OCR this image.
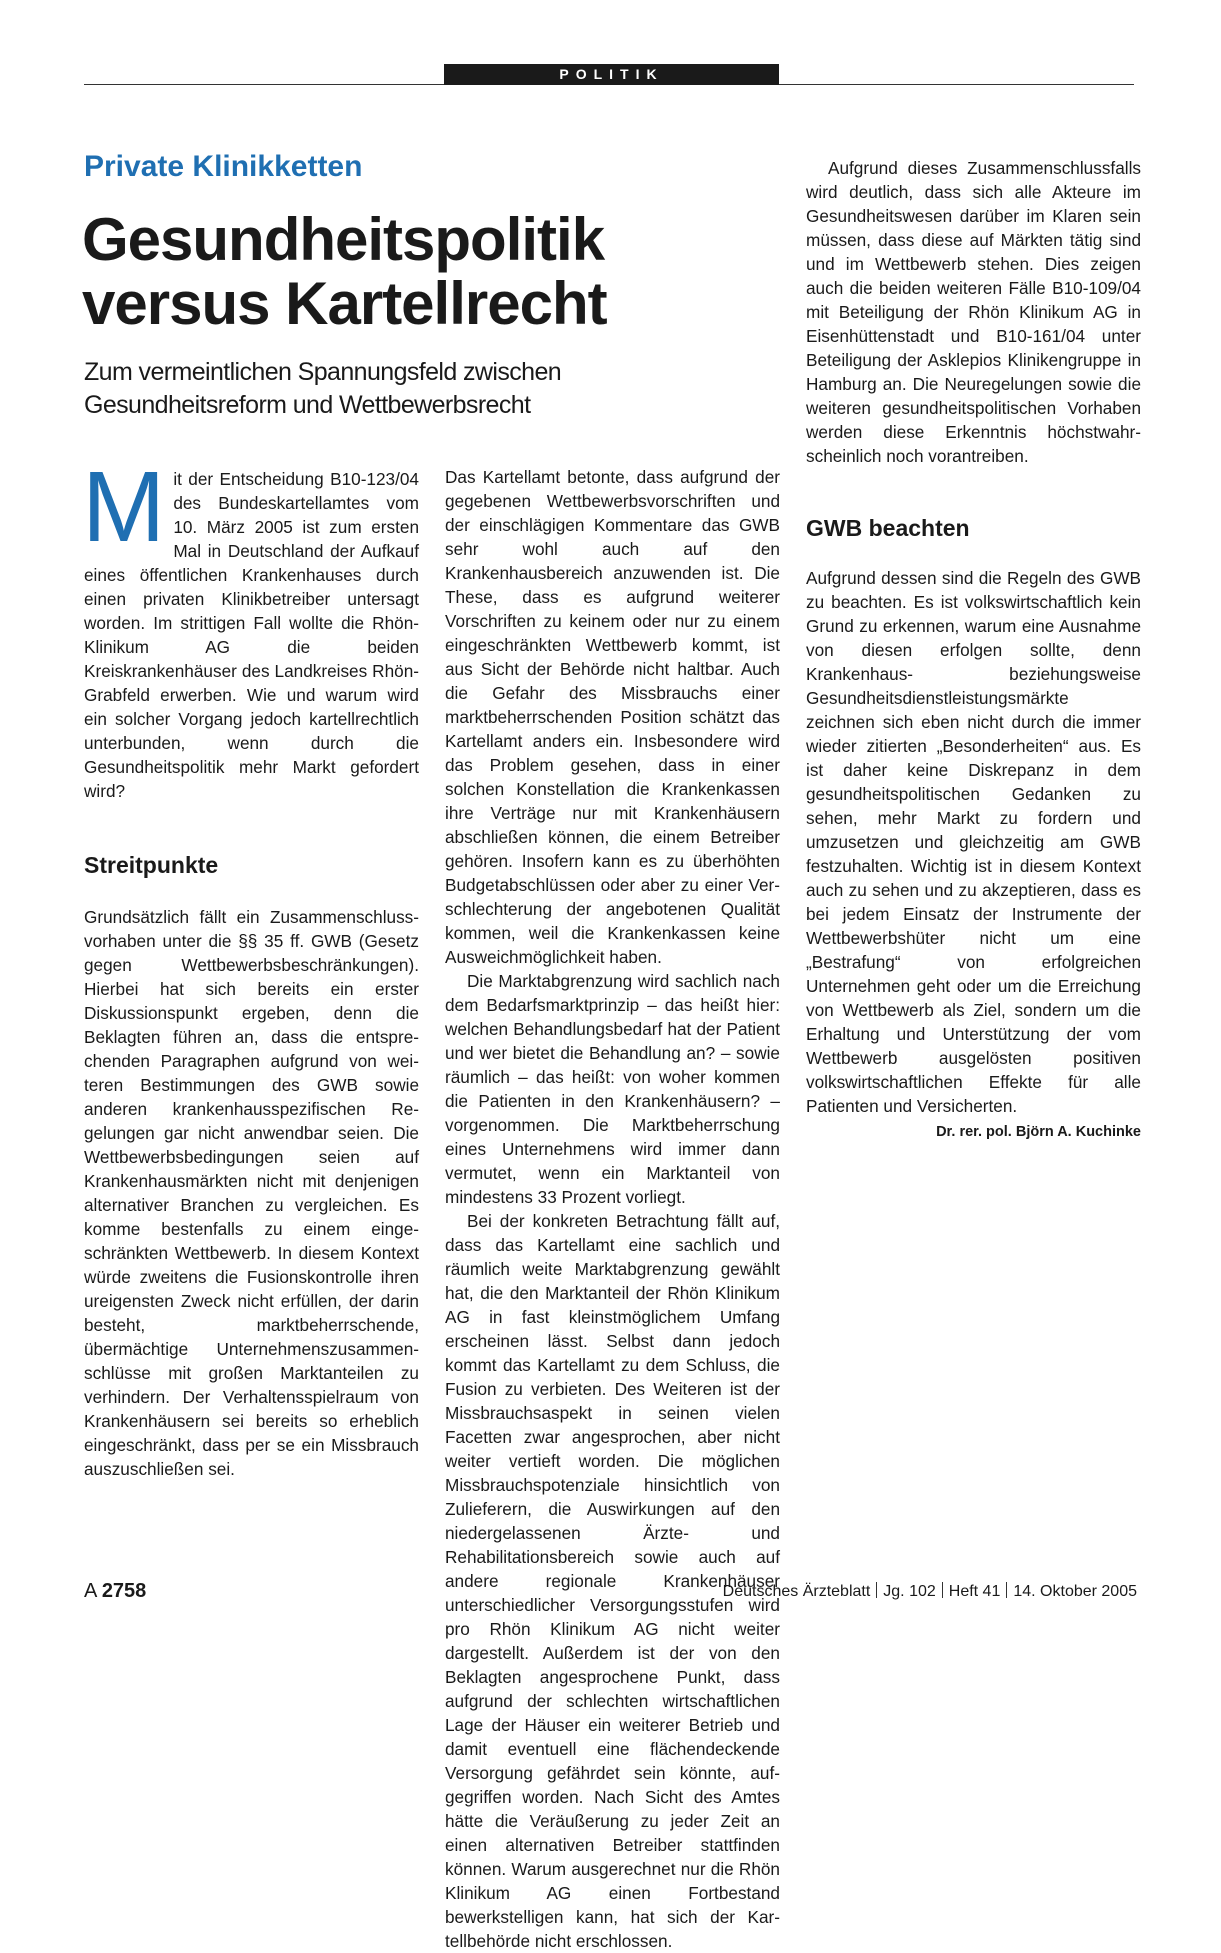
POLITIK
Private Klinikketten
Gesundheitspolitik
versus Kartellrecht
Zum vermeintlichen Spannungsfeld zwischen Gesundheitsreform und Wettbewerbsrecht

Mit der Entscheidung B10-123/04 des Bundeskartellamtes vom 10. März 2005 ist zum ersten Mal in Deutschland der Aufkauf eines öffentlichen Krankenhauses durch einen privaten Klinikbetreiber untersagt worden. Im strittigen Fall wollte die Rhön-Klinikum AG die beiden Kreiskrankenhäuser des Landkreises Rhön-Grabfeld erwerben. Wie und warum wird ein solcher Vorgang jedoch kartellrechtlich unterbunden, wenn durch die Gesundheitspolitik mehr Markt gefordert wird?

Streitpunkte

Grundsätzlich fällt ein Zusammenschlussvorhaben unter die §§ 35 ff. GWB (Gesetz gegen Wettbewerbsbeschränkungen). Hierbei hat sich bereits ein erster Diskussionspunkt ergeben, denn die Beklagten führen an, dass die entsprechenden Paragraphen aufgrund von weiteren Bestimmungen des GWB sowie anderen krankenhausspezifischen Regelungen gar nicht anwendbar seien. Die Wettbewerbsbedingungen seien auf Krankenhausmärkten nicht mit denjenigen alternativer Branchen zu vergleichen. Es komme bestenfalls zu einem eingeschränkten Wettbewerb. In diesem Kontext würde zweitens die Fusionskontrolle ihren ureigensten Zweck nicht erfüllen, der darin besteht, marktbeherrschende, übermächtige Unternehmenszusammenschlüsse mit großen Marktanteilen zu verhindern. Der Verhaltensspielraum von Krankenhäusern sei bereits so erheblich eingeschränkt, dass per se ein Missbrauch auszuschließen sei.

Das Kartellamt betonte, dass aufgrund der gegebenen Wettbewerbsvorschriften und der einschlägigen Kommentare das GWB sehr wohl auch auf den Krankenhausbereich anzuwenden ist. Die These, dass es aufgrund weiterer Vorschriften zu keinem oder nur zu einem eingeschränkten Wettbewerb kommt, ist aus Sicht der Behörde nicht haltbar. Auch die Gefahr des Missbrauchs einer marktbeherrschenden Position schätzt das Kartellamt anders ein. Insbesondere wird das Problem gesehen, dass in einer solchen Konstellation die Krankenkassen ihre Verträge nur mit Krankenhäusern abschließen können, die einem Betreiber gehören. Insofern kann es zu überhöhten Budgetabschlüssen oder aber zu einer Verschlechterung der angebotenen Qualität kommen, weil die Krankenkassen keine Ausweichmöglichkeit haben.

Die Marktabgrenzung wird sachlich nach dem Bedarfsmarktprinzip – das heißt hier: welchen Behandlungsbedarf hat der Patient und wer bietet die Behandlung an? – sowie räumlich – das heißt: von woher kommen die Patienten in den Krankenhäusern? – vorgenommen. Die Marktbeherrschung eines Unternehmens wird immer dann vermutet, wenn ein Marktanteil von mindestens 33 Prozent vorliegt.

Bei der konkreten Betrachtung fällt auf, dass das Kartellamt eine sachlich und räumlich weite Marktabgrenzung gewählt hat, die den Marktanteil der Rhön Klinikum AG in fast kleinstmöglichem Umfang erscheinen lässt. Selbst dann jedoch kommt das Kartellamt zu dem Schluss, die Fusion zu verbieten. Des Weiteren ist der Missbrauchsaspekt in seinen vielen Facetten zwar angesprochen, aber nicht weiter vertieft worden. Die möglichen Missbrauchspotenziale hinsichtlich von Zulieferern, die Auswirkungen auf den niedergelassenen Ärzte- und Rehabilitationsbereich sowie auch auf andere regionale Krankenhäuser unterschiedlicher Versorgungsstufen wird pro Rhön Klinikum AG nicht weiter dargestellt. Außerdem ist der von den Beklagten angesprochene Punkt, dass aufgrund der schlechten wirtschaftlichen Lage der Häuser ein weiterer Betrieb und damit eventuell eine flächendeckende Versorgung gefährdet sein könnte, aufgegriffen worden. Nach Sicht des Amtes hätte die Veräußerung zu jeder Zeit an einen alternativen Betreiber stattfinden können. Warum ausgerechnet nur die Rhön Klinikum AG einen Fortbestand bewerkstelligen kann, hat sich der Kartellbehörde nicht erschlossen.

Aufgrund dieses Zusammenschlussfalls wird deutlich, dass sich alle Akteure im Gesundheitswesen darüber im Klaren sein müssen, dass diese auf Märkten tätig sind und im Wettbewerb stehen. Dies zeigen auch die beiden weiteren Fälle B10-109/04 mit Beteiligung der Rhön Klinikum AG in Eisenhüttenstadt und B10-161/04 unter Beteiligung der Asklepios Klinikengruppe in Hamburg an. Die Neuregelungen sowie die weiteren gesundheitspolitischen Vorhaben werden diese Erkenntnis höchstwahrscheinlich noch vorantreiben.

GWB beachten

Aufgrund dessen sind die Regeln des GWB zu beachten. Es ist volkswirtschaftlich kein Grund zu erkennen, warum eine Ausnahme von diesen erfolgen sollte, denn Krankenhaus- beziehungsweise Gesundheitsdienstleistungsmärkte zeichnen sich eben nicht durch die immer wieder zitierten „Besonderheiten“ aus. Es ist daher keine Diskrepanz in dem gesundheitspolitischen Gedanken zu sehen, mehr Markt zu fordern und umzusetzen und gleichzeitig am GWB festzuhalten. Wichtig ist in diesem Kontext auch zu sehen und zu akzeptieren, dass es bei jedem Einsatz der Instrumente der Wettbewerbshüter nicht um eine „Bestrafung“ von erfolgreichen Unternehmen geht oder um die Erreichung von Wettbewerb als Ziel, sondern um die Erhaltung und Unterstützung der vom Wettbewerb ausgelösten positiven volkswirtschaftlichen Effekte für alle Patienten und Versicherten.
Dr. rer. pol. Björn A. Kuchinke

A 2758	Deutsches Ärzteblatt Jg. 102 Heft 41 14. Oktober 2005
